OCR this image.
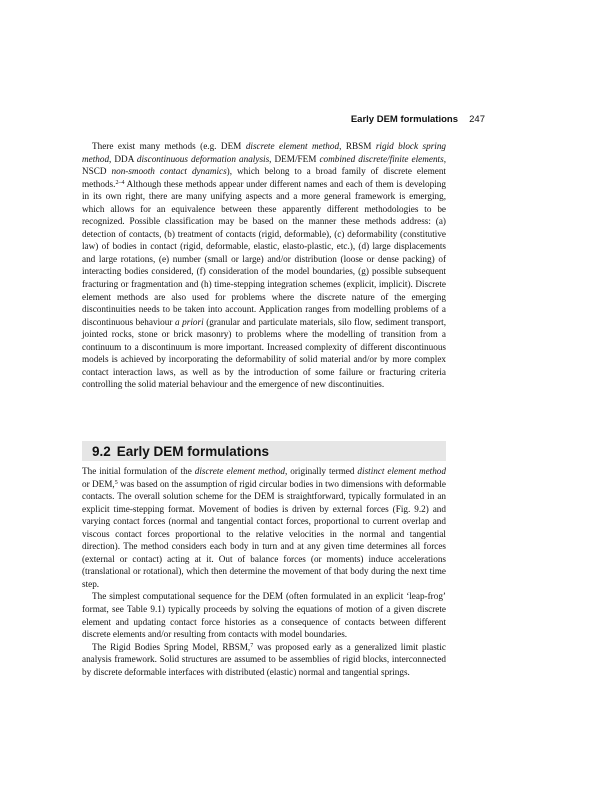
Early DEM formulations 247

There exist many methods (e.g. DEM discrete element method, RBSM rigid block spring method, DDA discontinuous deformation analysis, DEM/FEM combined discrete/finite elements, NSCD non-smooth contact dynamics), which belong to a broad family of discrete element methods.$^{2-4}$ Although these methods appear under different names and each of them is developing in its own right, there are many unifying aspects and a more general framework is emerging, which allows for an equivalence between these apparently different methodologies to be recognized. Possible classification may be based on the manner these methods address: (a) detection of contacts, (b) treatment of contacts (rigid, deformable), (c) deformability (constitutive law) of bodies in contact (rigid, deformable, elastic, elasto-plastic, etc.), (d) large displacements and large rotations, (e) number (small or large) and/or distribution (loose or dense packing) of interacting bodies considered, (f) consideration of the model boundaries, (g) possible subsequent fracturing or fragmentation and (h) time-stepping integration schemes (explicit, implicit). Discrete element methods are also used for problems where the discrete nature of the emerging discontinuities needs to be taken into account. Application ranges from modelling problems of a discontinuous behaviour a priori (granular and particulate materials, silo flow, sediment transport, jointed rocks, stone or brick masonry) to problems where the modelling of transition from a continuum to a discontinuum is more important. Increased complexity of different discontinuous models is achieved by incorporating the deformability of solid material and/or by more complex contact interaction laws, as well as by the introduction of some failure or fracturing criteria controlling the solid material behaviour and the emergence of new discontinuities.

9.2 Early DEM formulations

The initial formulation of the discrete element method, originally termed distinct element method or DEM,$^5$ was based on the assumption of rigid circular bodies in two dimensions with deformable contacts. The overall solution scheme for the DEM is straightforward, typically formulated in an explicit time-stepping format. Movement of bodies is driven by external forces (Fig. 9.2) and varying contact forces (normal and tangential contact forces, proportional to current overlap and viscous contact forces proportional to the relative velocities in the normal and tangential direction). The method considers each body in turn and at any given time determines all forces (external or contact) acting at it. Out of balance forces (or moments) induce accelerations (translational or rotational), which then determine the movement of that body during the next time step.

The simplest computational sequence for the DEM (often formulated in an explicit ‘leap-frog’ format, see Table 9.1) typically proceeds by solving the equations of motion of a given discrete element and updating contact force histories as a consequence of contacts between different discrete elements and/or resulting from contacts with model boundaries.

The Rigid Bodies Spring Model, RBSM,$^7$ was proposed early as a generalized limit plastic analysis framework. Solid structures are assumed to be assemblies of rigid blocks, interconnected by discrete deformable interfaces with distributed (elastic) normal and tangential springs.
